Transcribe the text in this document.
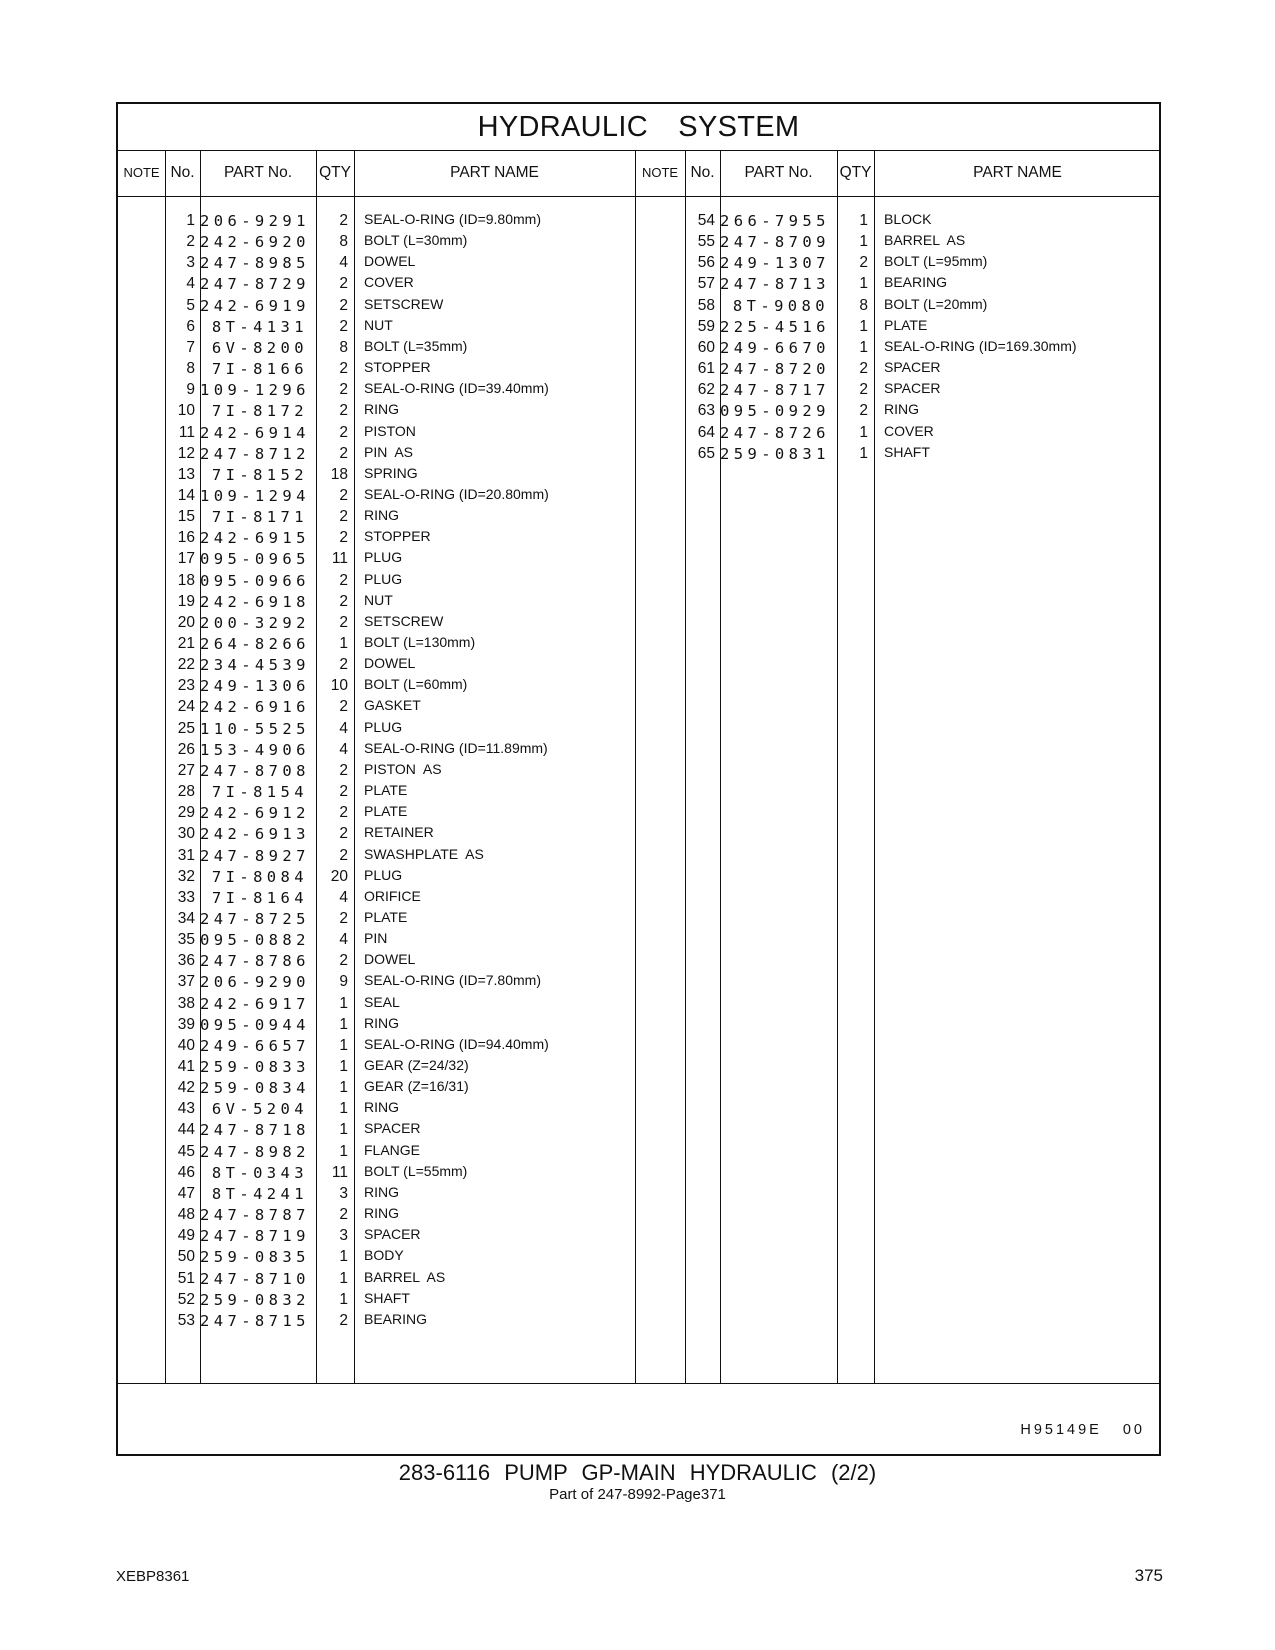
HYDRAULIC SYSTEM
NOTE No.	PART No.	QTY	PART NAME	NOTE No.	PART No.	QTY	PART NAME
1 206-9291	2 SEAL-O-RING (ID=9.80mm)
2 242-6920	8 BOLT (L=30mm)
3 247-8985	4 DOWEL
4 247-8729	2 COVER
5 242-6919	2 SETSCREW
6	8T-4131	2 NUT
7	6V-8200	8 BOLT (L=35mm)
8	7I-8166	2 STOPPER
9 109-1296	2 SEAL-O-RING (ID=39.40mm)
10	7I-8172	2 RING
11 242-6914	2 PISTON
12 247-8712	2 PIN  AS
13	7I-8152	18 SPRING
14 109-1294	2 SEAL-O-RING (ID=20.80mm)
15	7I-8171	2 RING
16 242-6915	2 STOPPER
17 095-0965	11 PLUG
18 095-0966	2 PLUG
19 242-6918	2 NUT
20 200-3292	2 SETSCREW
21 264-8266	1 BOLT (L=130mm)
22 234-4539	2 DOWEL
23 249-1306	10 BOLT (L=60mm)
24 242-6916	2 GASKET
25 110-5525	4 PLUG
26 153-4906	4 SEAL-O-RING (ID=11.89mm)
27 247-8708	2 PISTON  AS
28	7I-8154	2 PLATE
29 242-6912	2 PLATE
30 242-6913	2 RETAINER
31 247-8927	2 SWASHPLATE  AS
32	7I-8084	20 PLUG
33	7I-8164	4 ORIFICE
34 247-8725	2 PLATE
35 095-0882	4 PIN
36 247-8786	2 DOWEL
37 206-9290	9 SEAL-O-RING (ID=7.80mm)
38 242-6917	1 SEAL
39 095-0944	1 RING
40 249-6657	1 SEAL-O-RING (ID=94.40mm)
41 259-0833	1 GEAR (Z=24/32)
42 259-0834	1 GEAR (Z=16/31)
43	6V-5204	1 RING
44 247-8718	1 SPACER
45 247-8982	1 FLANGE
46	8T-0343	11 BOLT (L=55mm)
47	8T-4241	3 RING
48 247-8787	2 RING
49 247-8719	3 SPACER
50 259-0835	1 BODY
51 247-8710	1 BARREL  AS
52 259-0832	1 SHAFT
53 247-8715	2 BEARING
54 266-7955	1 BLOCK
55 247-8709	1 BARREL  AS
56 249-1307	2 BOLT (L=95mm)
57 247-8713	1 BEARING
58	8T-9080	8 BOLT (L=20mm)
59 225-4516	1 PLATE
60 249-6670	1 SEAL-O-RING (ID=169.30mm)
61 247-8720	2 SPACER
62 247-8717	2 SPACER
63 095-0929	2 RING
64 247-8726	1 COVER
65 259-0831	1 SHAFT
H95149E 00
283-6116 PUMP GP-MAIN HYDRAULIC (2/2)
Part of 247-8992-Page371
XEBP8361	375
